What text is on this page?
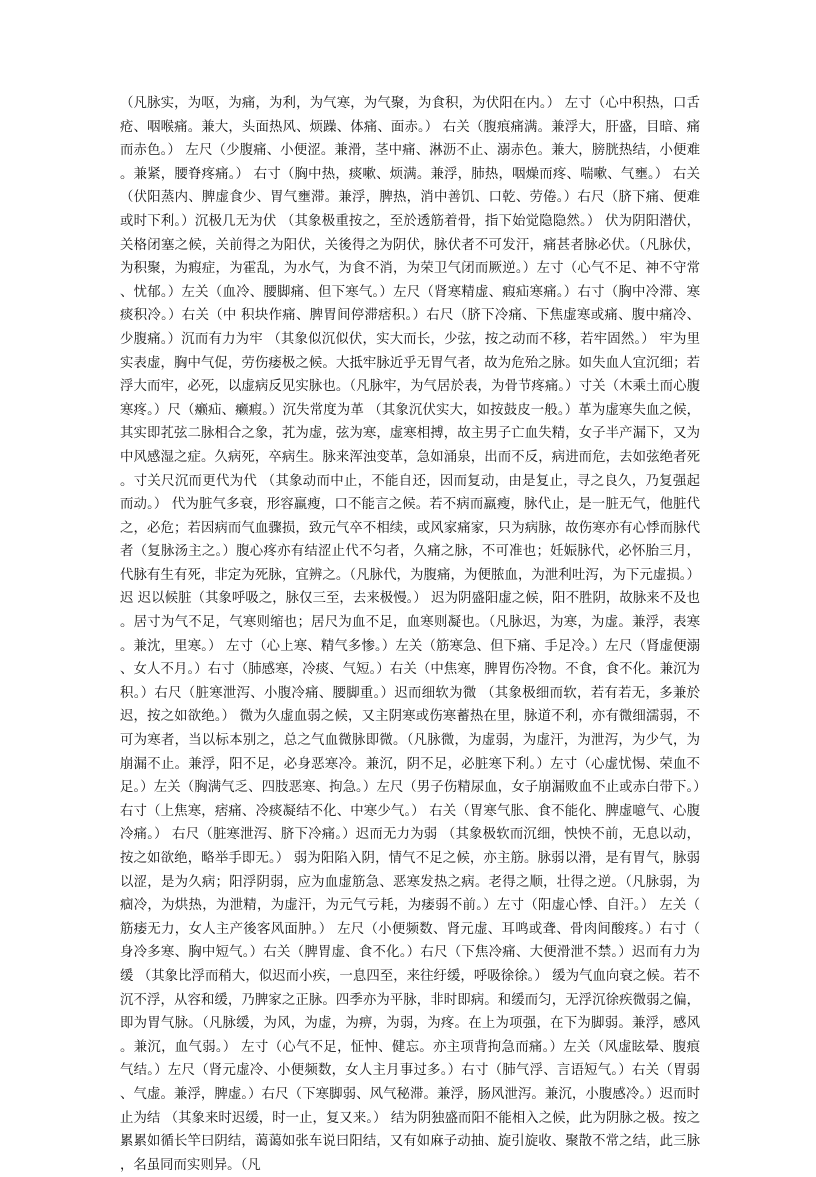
（凡脉实，为呕，为痛，为利，为气寒，为气聚，为食积，为伏阳在内。） 左寸（心中积热，口舌疮、咽喉痛。兼大，头面热风、烦躁、体痛、面赤。） 右关（腹痕痛满。兼浮大，肝盛，目暗、痛而赤色。） 左尺（少腹痛、小便涩。兼滑，茎中痛、淋沥不止、溺赤色。兼大，膀胱热结，小便难。兼紧，腰脊疼痛。） 右寸（胸中热，痰嗽、烦满。兼浮，肺热，咽燥而疼、喘嗽、气壅。） 右关（伏阳蒸内、脾虚食少、胃气壅滞。兼浮，脾热，消中善饥、口乾、劳倦。）右尺（脐下痛、便难或时下利。）沉极几无为伏 （其象极重按之，至於透筋着骨，指下始觉隐隐然。） 伏为阴阳潜伏，关格闭塞之候，关前得之为阳伏，关後得之为阴伏，脉伏者不可发汗，痛甚者脉必伏。（凡脉伏，为积聚，为瘕症，为霍乱，为水气，为食不消，为荣卫气闭而厥逆。）左寸（心气不足、神不守常、忧郁。）左关（血冷、腰脚痛、但下寒气。）左尺（肾寒精虚、瘕疝寒痛。）右寸（胸中冷滞、寒痰积冷。）右关（中 积块作痛、脾胃间停滞痞积。）右尺（脐下冷痛、下焦虚寒或痛、腹中痛冷、少腹痛。）沉而有力为牢 （其象似沉似伏，实大而长，少弦，按之动而不移，若牢固然。） 牢为里实表虚，胸中气促，劳伤痿极之候。大抵牢脉近乎无胃气者，故为危殆之脉。如失血人宜沉细；若浮大而牢，必死，以虚病反见实脉也。（凡脉牢，为气居於表，为骨节疼痛。）寸关（木乘土而心腹寒疼。）尺（癞疝、癞瘕。）沉失常度为革 （其象沉伏实大，如按鼓皮一般。）革为虚寒失血之候，其实即芤弦二脉相合之象，芤为虚，弦为寒，虚寒相搏，故主男子亡血失精，女子半产漏下，又为中风感湿之症。久病死，卒病生。脉来浑浊变革，急如涌泉，出而不反，病进而危，去如弦绝者死。寸关尺沉而更代为代 （其象动而中止，不能自还，因而复动，由是复止，寻之良久，乃复强起而动。） 代为脏气多衰，形容羸瘦，口不能言之候。若不病而羸瘦，脉代止，是一脏无气，他脏代之，必危；若因病而气血骤损，致元气卒不相续，或风家痛家，只为病脉，故伤寒亦有心悸而脉代者（复脉汤主之。）腹心疼亦有结涩止代不匀者，久痛之脉，不可准也；妊娠脉代，必怀胎三月，代脉有生有死，非定为死脉，宜辨之。（凡脉代，为腹痛，为便脓血，为泄利吐泻，为下元虚损。） 迟 迟以候脏（其象呼吸之，脉仅三至，去来极慢。） 迟为阴盛阳虚之候，阳不胜阴，故脉来不及也。居寸为气不足，气寒则缩也；居尺为血不足，血寒则凝也。（凡脉迟，为寒，为虚。兼浮，表寒。兼沈，里寒。） 左寸（心上寒、精气多惨。）左关（筋寒急、但下痛、手足冷。）左尺（肾虚便溺、女人不月。）右寸（肺感寒，冷痰、气短。）右关（中焦寒，脾胃伤冷物。不食，食不化。兼沉为积。）右尺（脏寒泄泻、小腹冷痛、腰脚重。）迟而细软为微 （其象极细而软，若有若无，多兼於迟，按之如欲绝。） 微为久虚血弱之候，又主阴寒或伤寒蓄热在里，脉道不利，亦有微细濡弱，不可为寒者，当以标本别之，总之气血微脉即微。（凡脉微，为虚弱，为虚汗，为泄泻，为少气，为崩漏不止。兼浮，阳不足，必身恶寒冷。兼沉，阴不足，必脏寒下利。）左寸（心虚忧惕、荣血不足。）左关（胸满气乏、四肢恶寒、拘急。）左尺（男子伤精尿血，女子崩漏败血不止或赤白带下。） 右寸（上焦寒，痞痛、冷痰凝结不化、中寒少气。） 右关（胃寒气胀、食不能化、脾虚噫气、心腹冷痛。） 右尺（脏寒泄泻、脐下冷痛。）迟而无力为弱 （其象极软而沉细，怏怏不前，无息以动，按之如欲绝，略举手即无。） 弱为阳陷入阴，情气不足之候，亦主筋。脉弱以滑，是有胃气，脉弱以涩，是为久病；阳浮阴弱，应为血虚筋急、恶寒发热之病。老得之顺，壮得之逆。（凡脉弱，为痼冷，为烘热，为泄精，为虚汗，为元气亏耗，为痿弱不前。）左寸（阳虚心悸、自汗。） 左关（筋痿无力，女人主产後客风面肿。） 左尺（小便频数、肾元虚、耳鸣或聋、骨肉间酸疼。）右寸（身冷多寒、胸中短气。）右关（脾胃虚、食不化。）右尺（下焦冷痛、大便滑泄不禁。）迟而有力为缓 （其象比浮而稍大，似迟而小疾，一息四至，来往纡缓，呼吸徐徐。） 缓为气血向衰之候。若不沉不浮，从容和缓，乃脾家之正脉。四季亦为平脉，非时即病。和缓而匀，无浮沉徐疾微弱之偏，即为胃气脉。（凡脉缓，为风，为虚，为痹，为弱，为疼。在上为项强，在下为脚弱。兼浮，感风。兼沉，血气弱。） 左寸（心气不足，怔忡、健忘。亦主项背拘急而痛。）左关（风虚眩晕、腹痕气结。）左尺（肾元虚冷、小便频数，女人主月事过多。）右寸（肺气浮、言语短气。）右关（胃弱、气虚。兼浮，脾虚。）右尺（下寒脚弱、风气秘滞。兼浮，肠风泄泻。兼沉，小腹感冷。）迟而时止为结 （其象来时迟缓，时一止，复又来。） 结为阴独盛而阳不能相入之候，此为阴脉之极。按之累累如循长竿曰阴结，蔼蔼如张车说曰阳结，又有如麻子动抽、旋引旋收、聚散不常之结，此三脉，名虽同而实则异。（凡
